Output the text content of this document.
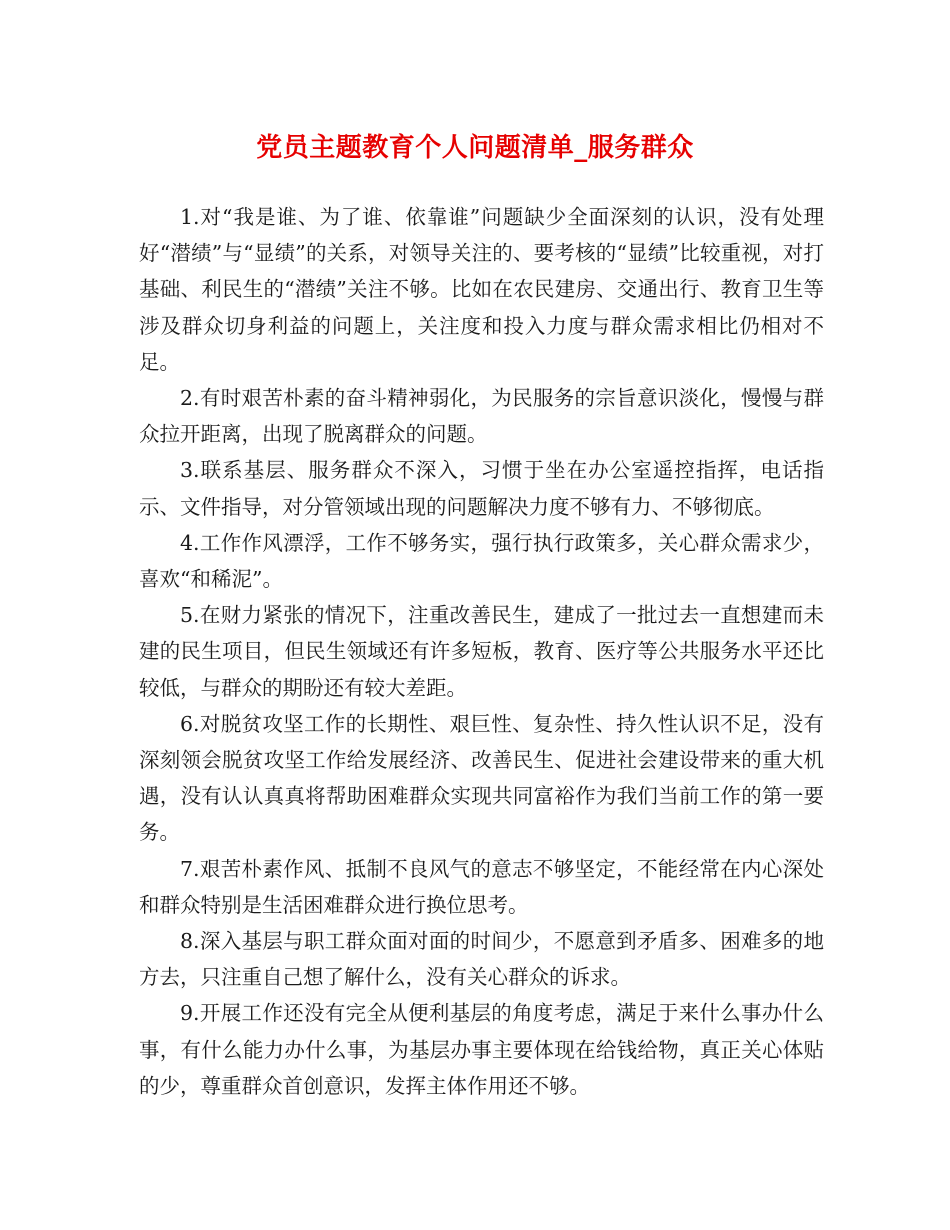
党员主题教育个人问题清单_服务群众

1.对“我是谁、为了谁、依靠谁”问题缺少全面深刻的认识，没有处理好“潜绩”与“显绩”的关系，对领导关注的、要考核的“显绩”比较重视，对打基础、利民生的“潜绩”关注不够。比如在农民建房、交通出行、教育卫生等涉及群众切身利益的问题上，关注度和投入力度与群众需求相比仍相对不足。

2.有时艰苦朴素的奋斗精神弱化，为民服务的宗旨意识淡化，慢慢与群众拉开距离，出现了脱离群众的问题。

3.联系基层、服务群众不深入，习惯于坐在办公室遥控指挥，电话指示、文件指导，对分管领域出现的问题解决力度不够有力、不够彻底。

4.工作作风漂浮，工作不够务实，强行执行政策多，关心群众需求少，喜欢“和稀泥”。

5.在财力紧张的情况下，注重改善民生，建成了一批过去一直想建而未建的民生项目，但民生领域还有许多短板，教育、医疗等公共服务水平还比较低，与群众的期盼还有较大差距。

6.对脱贫攻坚工作的长期性、艰巨性、复杂性、持久性认识不足，没有深刻领会脱贫攻坚工作给发展经济、改善民生、促进社会建设带来的重大机遇，没有认认真真将帮助困难群众实现共同富裕作为我们当前工作的第一要务。

7.艰苦朴素作风、抵制不良风气的意志不够坚定，不能经常在内心深处和群众特别是生活困难群众进行换位思考。

8.深入基层与职工群众面对面的时间少，不愿意到矛盾多、困难多的地方去，只注重自己想了解什么，没有关心群众的诉求。

9.开展工作还没有完全从便利基层的角度考虑，满足于来什么事办什么事，有什么能力办什么事，为基层办事主要体现在给钱给物，真正关心体贴的少，尊重群众首创意识，发挥主体作用还不够。
